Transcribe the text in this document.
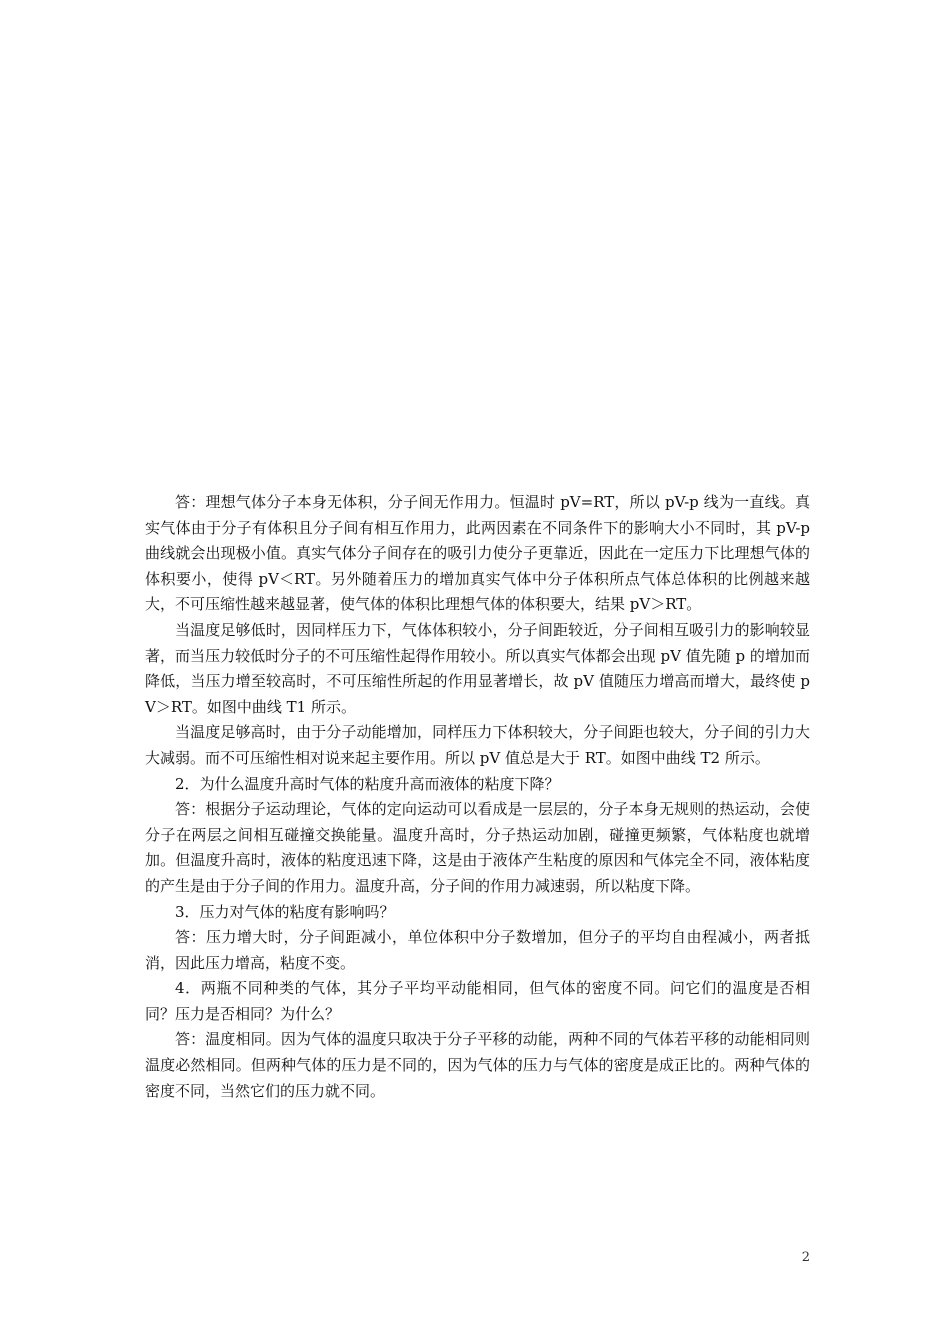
答：理想气体分子本身无体积，分子间无作用力。恒温时 pV=RT，所以 pV-p 线为一直线。真实气体由于分子有体积且分子间有相互作用力，此两因素在不同条件下的影响大小不同时，其 pV-p 曲线就会出现极小值。真实气体分子间存在的吸引力使分子更靠近，因此在一定压力下比理想气体的体积要小，使得 pV＜RT。另外随着压力的增加真实气体中分子体积所点气体总体积的比例越来越大，不可压缩性越来越显著，使气体的体积比理想气体的体积要大，结果 pV＞RT。

当温度足够低时，因同样压力下，气体体积较小，分子间距较近，分子间相互吸引力的影响较显著，而当压力较低时分子的不可压缩性起得作用较小。所以真实气体都会出现 pV 值先随 p 的增加而降低，当压力增至较高时，不可压缩性所起的作用显著增长，故 pV 值随压力增高而增大，最终使 pV＞RT。如图中曲线 T1 所示。

当温度足够高时，由于分子动能增加，同样压力下体积较大，分子间距也较大，分子间的引力大大减弱。而不可压缩性相对说来起主要作用。所以 pV 值总是大于 RT。如图中曲线 T2 所示。

2．为什么温度升高时气体的粘度升高而液体的粘度下降？

答：根据分子运动理论，气体的定向运动可以看成是一层层的，分子本身无规则的热运动，会使分子在两层之间相互碰撞交换能量。温度升高时，分子热运动加剧，碰撞更频繁，气体粘度也就增加。但温度升高时，液体的粘度迅速下降，这是由于液体产生粘度的原因和气体完全不同，液体粘度的产生是由于分子间的作用力。温度升高，分子间的作用力减速弱，所以粘度下降。

3．压力对气体的粘度有影响吗？

答：压力增大时，分子间距减小，单位体积中分子数增加，但分子的平均自由程减小，两者抵消，因此压力增高，粘度不变。

4．两瓶不同种类的气体，其分子平均平动能相同，但气体的密度不同。问它们的温度是否相同？压力是否相同？为什么？

答：温度相同。因为气体的温度只取决于分子平移的动能，两种不同的气体若平移的动能相同则温度必然相同。但两种气体的压力是不同的，因为气体的压力与气体的密度是成正比的。两种气体的密度不同，当然它们的压力就不同。

2
